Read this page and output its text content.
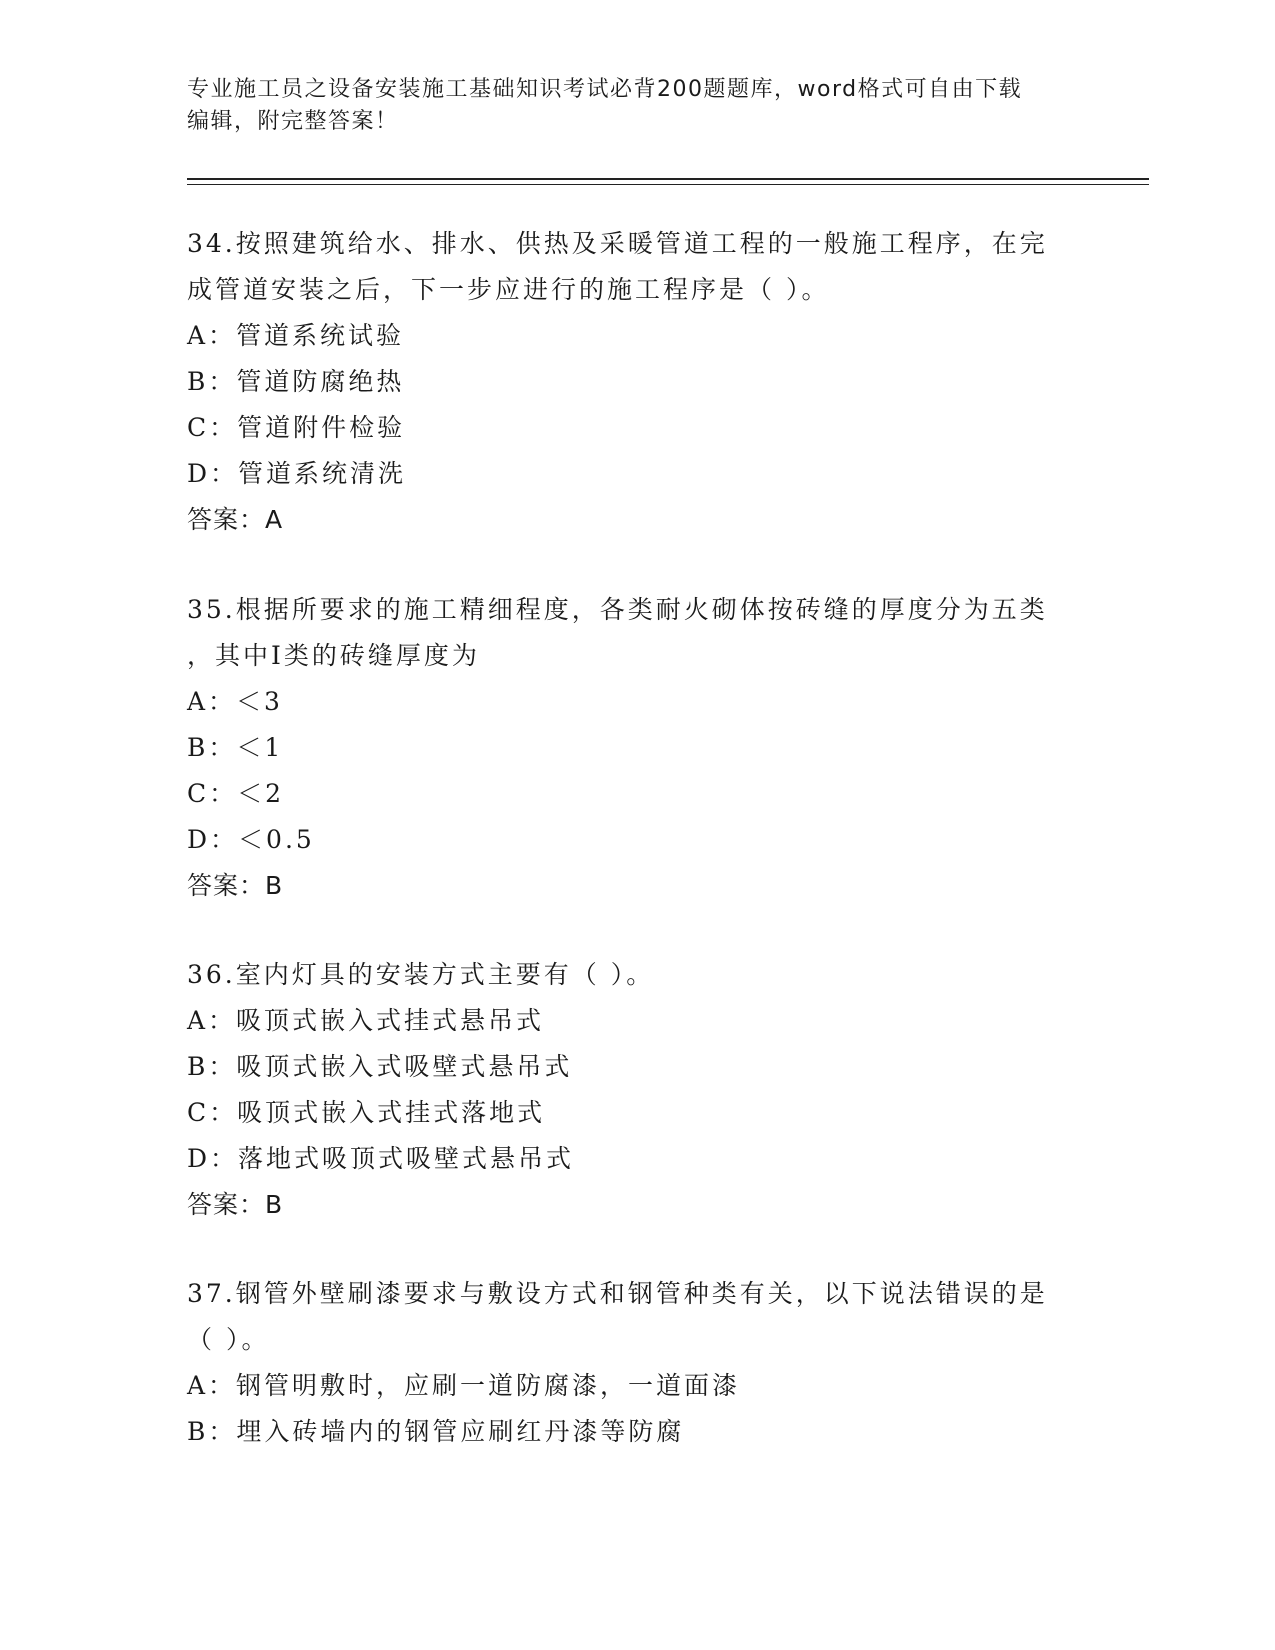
专业施工员之设备安装施工基础知识考试必背200题题库，word格式可自由下载
编辑，附完整答案！
34.按照建筑给水、排水、供热及采暖管道工程的一般施工程序，在完
成管道安装之后，下一步应进行的施工程序是（ ）。
A：管道系统试验
B：管道防腐绝热
C：管道附件检验
D：管道系统清洗
答案：A
35.根据所要求的施工精细程度，各类耐火砌体按砖缝的厚度分为五类
，其中Ⅰ类的砖缝厚度为
A：＜3
B：＜1
C：＜2
D：＜0.5
答案：B
36.室内灯具的安装方式主要有（ ）。
A：吸顶式嵌入式挂式悬吊式
B：吸顶式嵌入式吸壁式悬吊式
C：吸顶式嵌入式挂式落地式
D：落地式吸顶式吸壁式悬吊式
答案：B
37.钢管外壁刷漆要求与敷设方式和钢管种类有关，以下说法错误的是
（ ）。
A：钢管明敷时，应刷一道防腐漆，一道面漆
B：埋入砖墙内的钢管应刷红丹漆等防腐
